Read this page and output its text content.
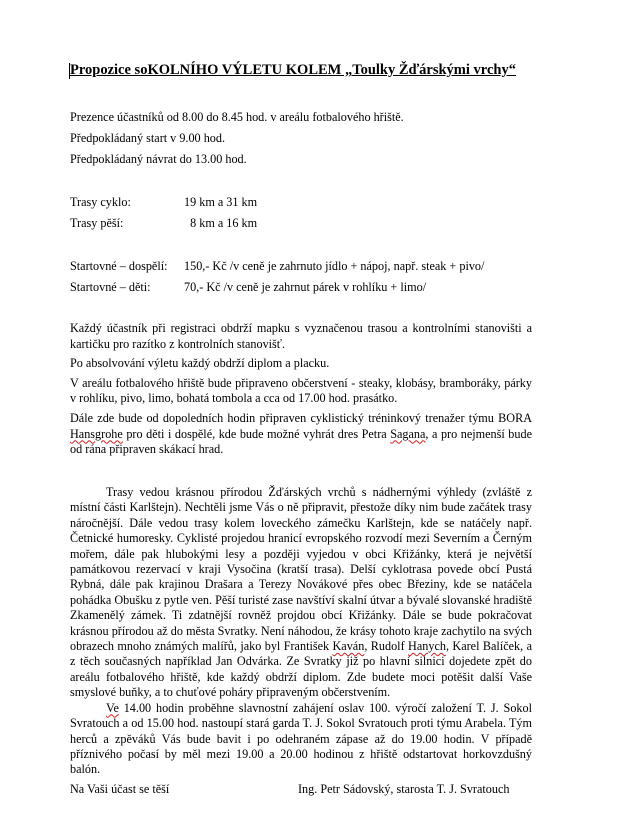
Propozice soKOLNÍHO VÝLETU KOLEM „Toulky Žďárskými vrchy“
Prezence účastníků od 8.00 do 8.45 hod. v areálu fotbalového hřiště.
Předpokládaný start v 9.00 hod.
Předpokládaný návrat do 13.00 hod.
Trasy cyklo:	19 km a 31 km
Trasy pěší:	8 km a 16 km
Startovné – dospělí: 150,- Kč /v ceně je zahrnuto jídlo + nápoj, např. steak + pivo/
Startovné – děti:	70,- Kč /v ceně je zahrnut párek v rohlíku + limo/

Každý účastník při registraci obdrží mapku s vyznačenou trasou a kontrolními stanovišti a kartičku pro razítko z kontrolních stanovišť.

Po absolvování výletu každý obdrží diplom a placku.

V areálu fotbalového hřiště bude připraveno občerstvení - steaky, klobásy, bramboráky, párky v rohlíku, pivo, limo, bohatá tombola a cca od 17.00 hod. prasátko.

Dále zde bude od dopoledních hodin připraven cyklistický tréninkový trenažer týmu BORA Hansgrohe pro děti i dospělé, kde bude možné vyhrát dres Petra Sagana, a pro nejmenší bude od rána připraven skákací hrad.

Trasy vedou krásnou přírodou Žďárských vrchů s nádhernými výhledy (zvláště z místní části Karlštejn). Nechtěli jsme Vás o ně připravit, přestože díky nim bude začátek trasy náročnější. Dále vedou trasy kolem loveckého zámečku Karlštejn, kde se natáčely např. Četnické humoresky. Cyklisté projedou hranicí evropského rozvodí mezi Severním a Černým mořem, dále pak hlubokými lesy a později vyjedou v obci Křižánky, která je největší památkovou rezervací v kraji Vysočina (kratší trasa). Delší cyklotrasa povede obcí Pustá Rybná, dále pak krajinou Drašara a Terezy Novákové přes obec Březiny, kde se natáčela pohádka Obušku z pytle ven. Pěší turisté zase navštíví skalní útvar a bývalé slovanské hradiště Zkamenělý zámek. Ti zdatnější rovněž projdou obcí Křižánky. Dále se bude pokračovat krásnou přírodou až do města Svratky. Není náhodou, že krásy tohoto kraje zachytilo na svých obrazech mnoho známých malířů, jako byl František Kaván, Rudolf Hanych, Karel Balíček, a z těch současných například Jan Odvárka. Ze Svratky již po hlavní silnici dojedete zpět do areálu fotbalového hřiště, kde každý obdrží diplom. Zde budete moci potěšit další Vaše smyslové buňky, a to chuťové poháry připraveným občerstvením.

Ve 14.00 hodin proběhne slavnostní zahájení oslav 100. výročí založení T. J. Sokol Svratouch a od 15.00 hod. nastoupí stará garda T. J. Sokol Svratouch proti týmu Arabela. Tým herců a zpěváků Vás bude bavit i po odehraném zápase až do 19.00 hodin. V případě příznivého počasí by měl mezi 19.00 a 20.00 hodinou z hřiště odstartovat horkovzdušný balón.

Na Vaši účast se těší	Ing. Petr Sádovský, starosta T. J. Svratouch
